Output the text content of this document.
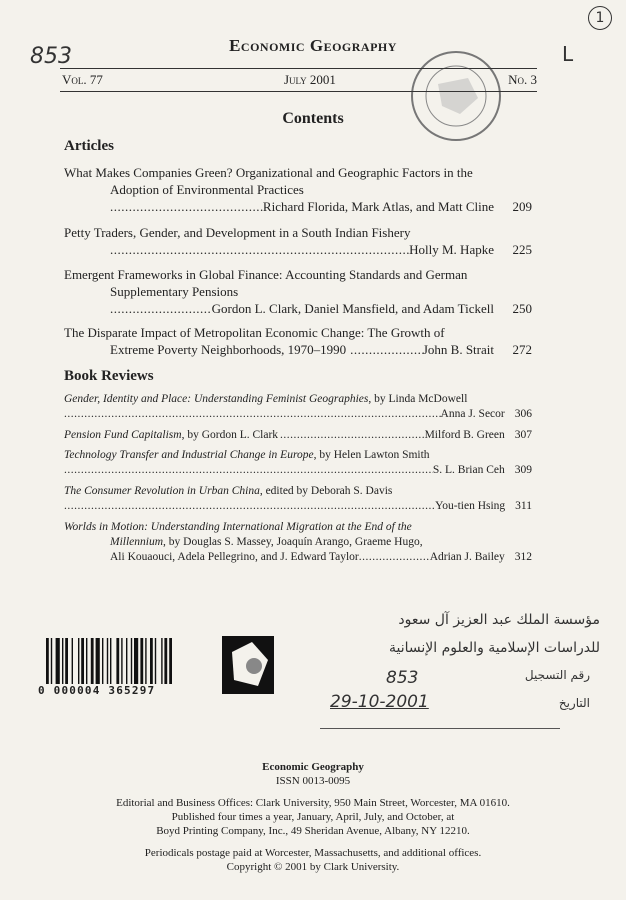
853	L
1
Economic Geography
Vol. 77	July 2001	No. 3
Contents
Articles
What Makes Companies Green? Organizational and Geographic Factors in the
Adoption of Environmental Practices
.....
Richard Florida, Mark Atlas, and Matt Cline	209
Petty Traders, Gender, and Development in a South Indian Fishery
.....
Holly M. Hapke	225
Emergent Frameworks in Global Finance: Accounting Standards and German
Supplementary Pensions
.....
Gordon L. Clark, Daniel Mansfield, and Adam Tickell	250
The Disparate Impact of Metropolitan Economic Change: The Growth of
Extreme Poverty Neighborhoods, 1970–1990 .....	John B. Strait	272
Book Reviews
Gender, Identity and Place: Understanding Feminist Geographies, by Linda McDowell
.....
Anna J. Secor 306
Pension Fund Capitalism , by Gordon L. Clark .....	Milford B. Green 307
Technology Transfer and Industrial Change in Europe, by Helen Lawton Smith
.....
S. L. Brian Ceh 309
The Consumer Revolution in Urban China, edited by Deborah S. Davis
.....
You-tien Hsing 311
Worlds in Motion: Understanding International Migration at the End of the
Millennium, by Douglas S. Massey, Joaquín Arango, Graeme Hugo,
Ali Kouaouci, Adela Pellegrino, and J. Edward Taylor .....	Adrian J. Bailey 312
0 000004 365297
مؤسسة الملك عبد العزيز آل سعود
للدراسات الإسلامية والعلوم الإنسانية
رقم التسجيل
853
التاريخ
29-10-2001
Economic Geography
ISSN 0013-0095
Editorial and Business Offices: Clark University, 950 Main Street, Worcester, MA 01610.
Published four times a year, January, April, July, and October, at
Boyd Printing Company, Inc., 49 Sheridan Avenue, Albany, NY 12210.
Periodicals postage paid at Worcester, Massachusetts, and additional offices.
Copyright © 2001 by Clark University.
